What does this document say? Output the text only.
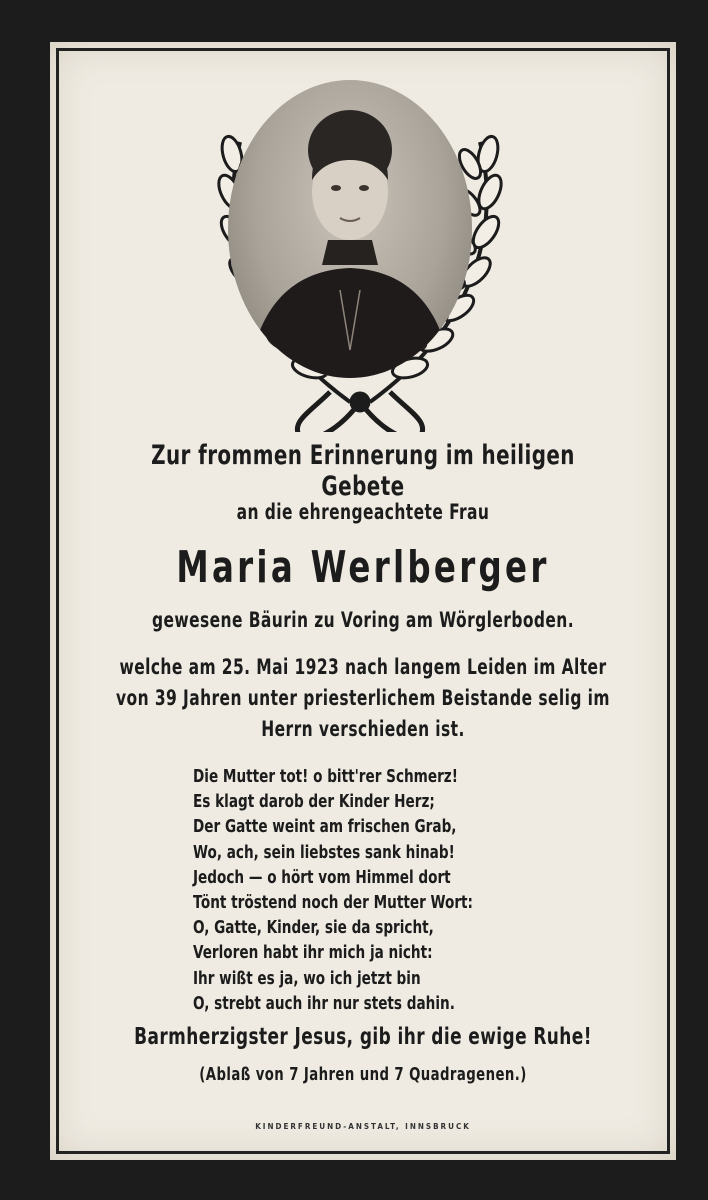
Zur frommen Erinnerung im heiligen Gebete
an die ehrengeachtete Frau
Maria Werlberger
gewesene Bäurin zu Voring am Wörglerboden.
welche am 25. Mai 1923 nach langem Leiden im Alter
von 39 Jahren unter priesterlichem Beistande selig im
Herrn verschieden ist.
Die Mutter tot! o bitt'rer Schmerz!
Es klagt darob der Kinder Herz;
Der Gatte weint am frischen Grab,
Wo, ach, sein liebstes sank hinab!
Jedoch — o hört vom Himmel dort
Tönt tröstend noch der Mutter Wort:
O, Gatte, Kinder, sie da spricht,
Verloren habt ihr mich ja nicht:
Ihr wißt es ja, wo ich jetzt bin
O, strebt auch ihr nur stets dahin.
Barmherzigster Jesus, gib ihr die ewige Ruhe!
(Ablaß von 7 Jahren und 7 Quadragenen.)
KINDERFREUND-ANSTALT, INNSBRUCK
